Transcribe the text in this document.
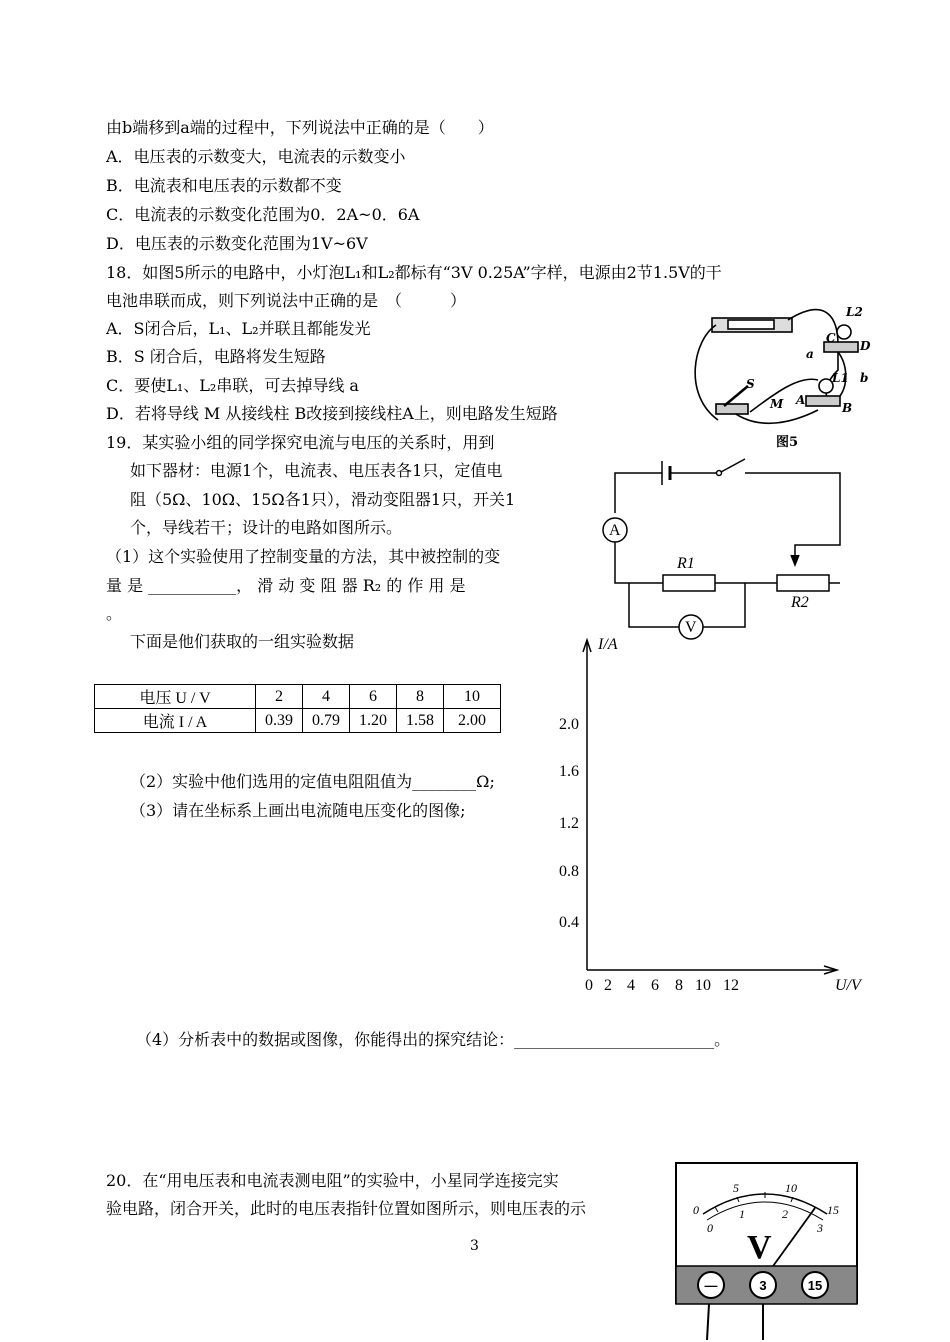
由b端移到a端的过程中，下列说法中正确的是（　　）
A．电压表的示数变大，电流表的示数变小
B．电流表和电压表的示数都不变
C．电流表的示数变化范围为0．2A~0．6A
D．电压表的示数变化范围为1V~6V
18．如图5所示的电路中，小灯泡L₁和L₂都标有“3V 0.25A”字样，电源由2节1.5V的干
电池串联而成，则下列说法中正确的是　（　　　）
A．S闭合后，L₁、L₂并联且都能发光
B．S 闭合后，电路将发生短路
C．要使L₁、L₂串联，可去掉导线 a
D．若将导线 M 从接线柱 B改接到接线柱A上，则电路发生短路
19．某实验小组的同学探究电流与电压的关系时，用到
如下器材：电源1个，电流表、电压表各1只，定值电
阻（5Ω、10Ω、15Ω各1只），滑动变阻器1只，开关1
个，导线若干；设计的电路如图所示。
（1）这个实验使用了控制变量的方法，其中被控制的变
量 是 ___________， 滑 动 变 阻 器 R₂ 的 作 用 是
。
下面是他们获取的一组实验数据
电压 U / V	2	4	6	8	10
电流 I / A	0.39	0.79	1.20	1.58	2.00
（2）实验中他们选用的定值电阻阻值为________Ω;
（3）请在坐标系上画出电流随电压变化的图像;
（4）分析表中的数据或图像，你能得出的探究结论：_________________________。
20．在“用电压表和电流表测电阻”的实验中，小星同学连接完实
验电路，闭合开关，此时的电压表指针位置如图所示，则电压表的示
3
L2
C
D
a
L1 b
S
M A
B
图5
A
V
R1
R2
I/A
2.0
1.6
1.2
0.8
0.4
0 2 4 6 8 10 12	U/V
0
5	10
15
0
1	2
3
V
—	3	15
